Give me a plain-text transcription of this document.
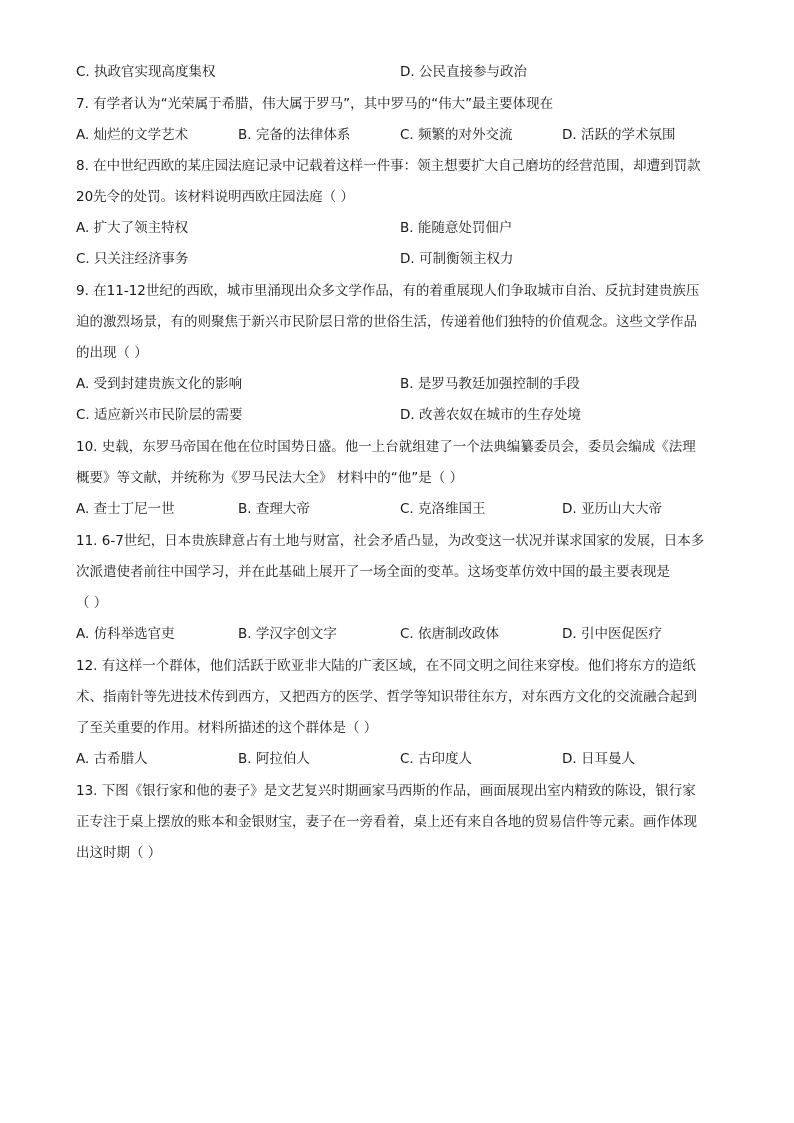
C. 执政官实现高度集权	D. 公民直接参与政治
7. 有学者认为“光荣属于希腊，伟大属于罗马”，其中罗马的“伟大”最主要体现在
A. 灿烂的文学艺术	B. 完备的法律体系	C. 频繁的对外交流	D. 活跃的学术氛围
8. 在中世纪西欧的某庄园法庭记录中记载着这样一件事：领主想要扩大自己磨坊的经营范围，却遭到罚款
20先令的处罚。该材料说明西欧庄园法庭（ ）
A. 扩大了领主特权	B. 能随意处罚佃户
C. 只关注经济事务	D. 可制衡领主权力
9. 在11-12世纪的西欧，城市里涌现出众多文学作品，有的着重展现人们争取城市自治、反抗封建贵族压
迫的激烈场景，有的则聚焦于新兴市民阶层日常的世俗生活，传递着他们独特的价值观念。这些文学作品
的出现（ ）
A. 受到封建贵族文化的影响	B. 是罗马教廷加强控制的手段
C. 适应新兴市民阶层的需要	D. 改善农奴在城市的生存处境
10. 史载，东罗马帝国在他在位时国势日盛。他一上台就组建了一个法典编纂委员会，委员会编成《法理
概要》等文献，并统称为《罗马民法大全》 材料中的“他”是（ ）
A. 查士丁尼一世	B. 查理大帝	C. 克洛维国王	D. 亚历山大大帝
11. 6-7世纪，日本贵族肆意占有土地与财富，社会矛盾凸显，为改变这一状况并谋求国家的发展，日本多
次派遣使者前往中国学习，并在此基础上展开了一场全面的变革。这场变革仿效中国的最主要表现是
（ ）
A. 仿科举选官吏	B. 学汉字创文字	C. 依唐制改政体	D. 引中医促医疗
12. 有这样一个群体，他们活跃于欧亚非大陆的广袤区域，在不同文明之间往来穿梭。他们将东方的造纸
术、指南针等先进技术传到西方，又把西方的医学、哲学等知识带往东方，对东西方文化的交流融合起到
了至关重要的作用。材料所描述的这个群体是（ ）
A. 古希腊人	B. 阿拉伯人	C. 古印度人	D. 日耳曼人
13. 下图《银行家和他的妻子》是文艺复兴时期画家马西斯的作品，画面展现出室内精致的陈设，银行家
正专注于桌上摆放的账本和金银财宝，妻子在一旁看着，桌上还有来自各地的贸易信件等元素。画作体现
出这时期（ ）
